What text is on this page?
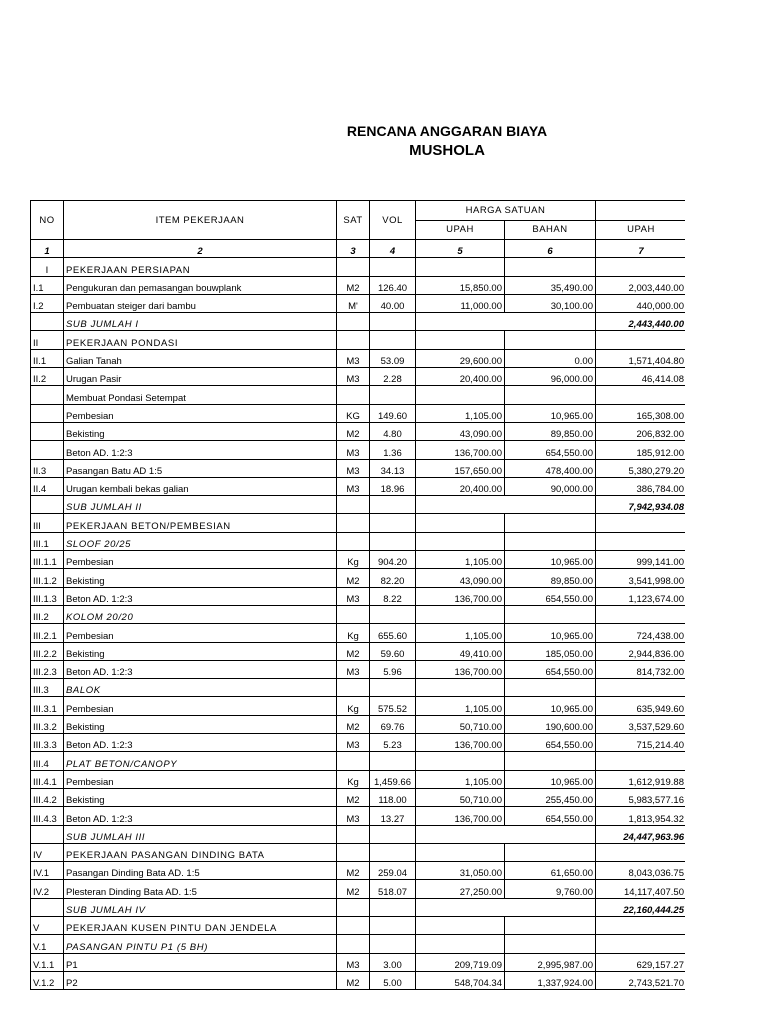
RENCANA ANGGARAN BIAYA
MUSHOLA
NO	ITEM PEKERJAAN	SAT	VOL	HARGA SATUAN		
				UPAH	BAHAN	UPAH
1	2	3	4	5	6	7
I	PEKERJAAN PERSIAPAN					
I.1	Pengukuran dan pemasangan bouwplank	M2	126.40	15,850.00	35,490.00	2,003,440.00
I.2	Pembuatan steiger dari bambu	M'	40.00	11,000.00	30,100.00	440,000.00
	SUB JUMLAH I					2,443,440.00
II	PEKERJAAN PONDASI					
II.1	Galian Tanah	M3	53.09	29,600.00	0.00	1,571,404.80
II.2	Urugan Pasir	M3	2.28	20,400.00	96,000.00	46,414.08
	Membuat Pondasi Setempat					
	Pembesian	KG	149.60	1,105.00	10,965.00	165,308.00
	Bekisting	M2	4.80	43,090.00	89,850.00	206,832.00
	Beton AD. 1:2:3	M3	1.36	136,700.00	654,550.00	185,912.00
II.3	Pasangan Batu AD 1:5	M3	34.13	157,650.00	478,400.00	5,380,279.20
II.4	Urugan kembali bekas galian	M3	18.96	20,400.00	90,000.00	386,784.00
	SUB JUMLAH II					7,942,934.08
III	PEKERJAAN BETON/PEMBESIAN					
III.1	SLOOF 20/25					
III.1.1	Pembesian	Kg	904.20	1,105.00	10,965.00	999,141.00
III.1.2	Bekisting	M2	82.20	43,090.00	89,850.00	3,541,998.00
III.1.3	Beton AD. 1:2:3	M3	8.22	136,700.00	654,550.00	1,123,674.00
III.2	KOLOM 20/20					
III.2.1	Pembesian	Kg	655.60	1,105.00	10,965.00	724,438.00
III.2.2	Bekisting	M2	59.60	49,410.00	185,050.00	2,944,836.00
III.2.3	Beton AD. 1:2:3	M3	5.96	136,700.00	654,550.00	814,732.00
III.3	BALOK					
III.3.1	Pembesian	Kg	575.52	1,105.00	10,965.00	635,949.60
III.3.2	Bekisting	M2	69.76	50,710.00	190,600.00	3,537,529.60
III.3.3	Beton AD. 1:2:3	M3	5.23	136,700.00	654,550.00	715,214.40
III.4	PLAT BETON/CANOPY					
III.4.1	Pembesian	Kg	1,459.66	1,105.00	10,965.00	1,612,919.88
III.4.2	Bekisting	M2	118.00	50,710.00	255,450.00	5,983,577.16
III.4.3	Beton AD. 1:2:3	M3	13.27	136,700.00	654,550.00	1,813,954.32
	SUB JUMLAH III					24,447,963.96
IV	PEKERJAAN PASANGAN DINDING BATA					
IV.1	Pasangan Dinding Bata AD. 1:5	M2	259.04	31,050.00	61,650.00	8,043,036.75
IV.2	Plesteran Dinding Bata AD. 1:5	M2	518.07	27,250.00	9,760.00	14,117,407.50
	SUB JUMLAH IV					22,160,444.25
V	PEKERJAAN KUSEN PINTU DAN JENDELA					
V.1	PASANGAN PINTU P1 (5 BH)					
V.1.1	P1	M3	3.00	209,719.09	2,995,987.00	629,157.27
V.1.2	P2	M2	5.00	548,704.34	1,337,924.00	2,743,521.70
